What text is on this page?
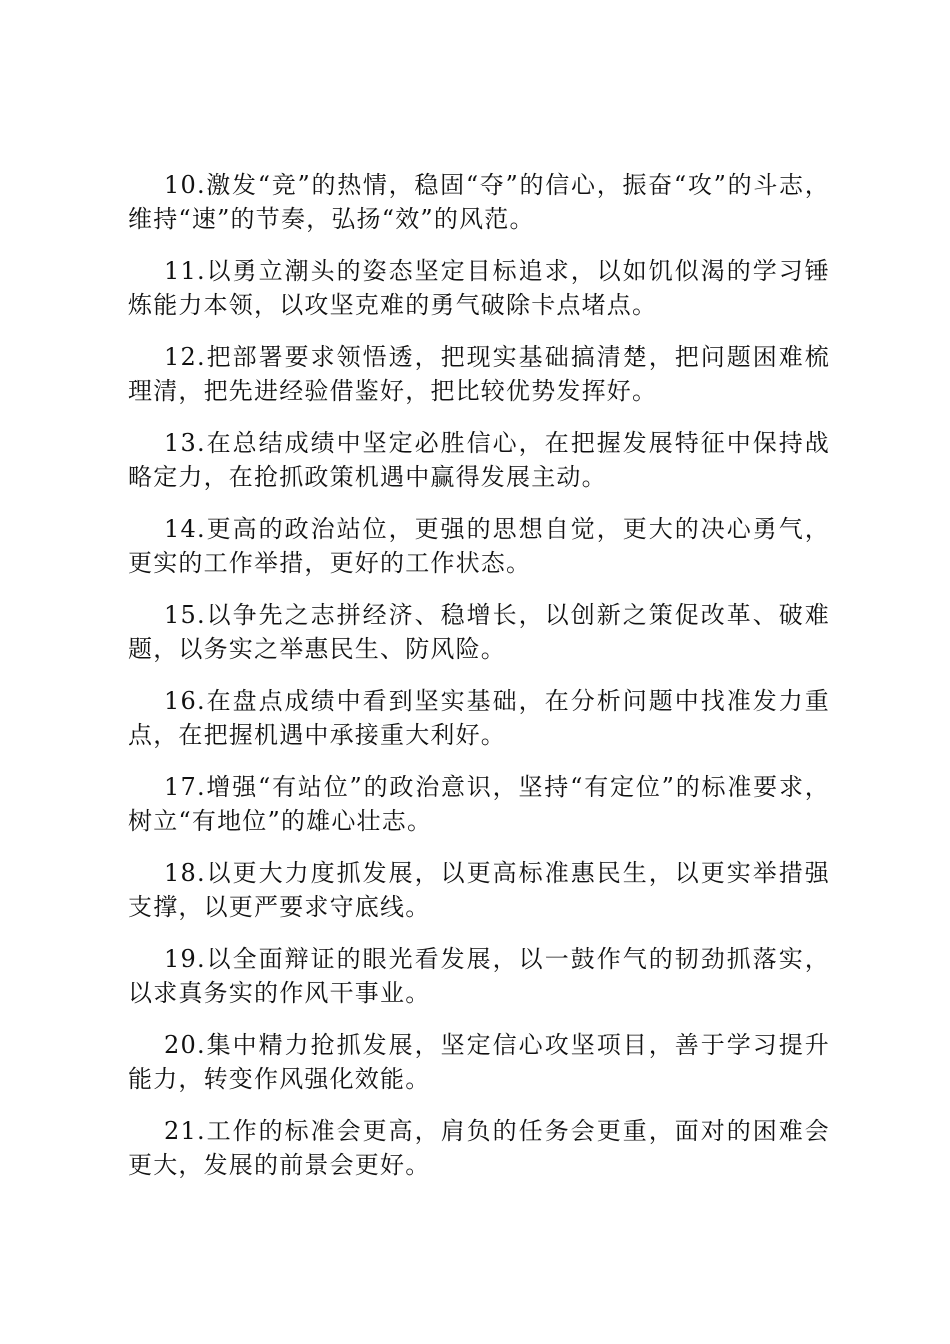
10.激发“竞”的热情，稳固“夺”的信心，振奋“攻”的斗志，维持“速”的节奏，弘扬“效”的风范。

11.以勇立潮头的姿态坚定目标追求，以如饥似渴的学习锤炼能力本领，以攻坚克难的勇气破除卡点堵点。

12.把部署要求领悟透，把现实基础搞清楚，把问题困难梳理清，把先进经验借鉴好，把比较优势发挥好。

13.在总结成绩中坚定必胜信心，在把握发展特征中保持战略定力，在抢抓政策机遇中赢得发展主动。

14.更高的政治站位，更强的思想自觉，更大的决心勇气，更实的工作举措，更好的工作状态。

15.以争先之志拼经济、稳增长，以创新之策促改革、破难题，以务实之举惠民生、防风险。

16.在盘点成绩中看到坚实基础，在分析问题中找准发力重点，在把握机遇中承接重大利好。

17.增强“有站位”的政治意识，坚持“有定位”的标准要求，树立“有地位”的雄心壮志。

18.以更大力度抓发展，以更高标准惠民生，以更实举措强支撑，以更严要求守底线。

19.以全面辩证的眼光看发展，以一鼓作气的韧劲抓落实，以求真务实的作风干事业。

20.集中精力抢抓发展，坚定信心攻坚项目，善于学习提升能力，转变作风强化效能。

21.工作的标准会更高，肩负的任务会更重，面对的困难会更大，发展的前景会更好。
